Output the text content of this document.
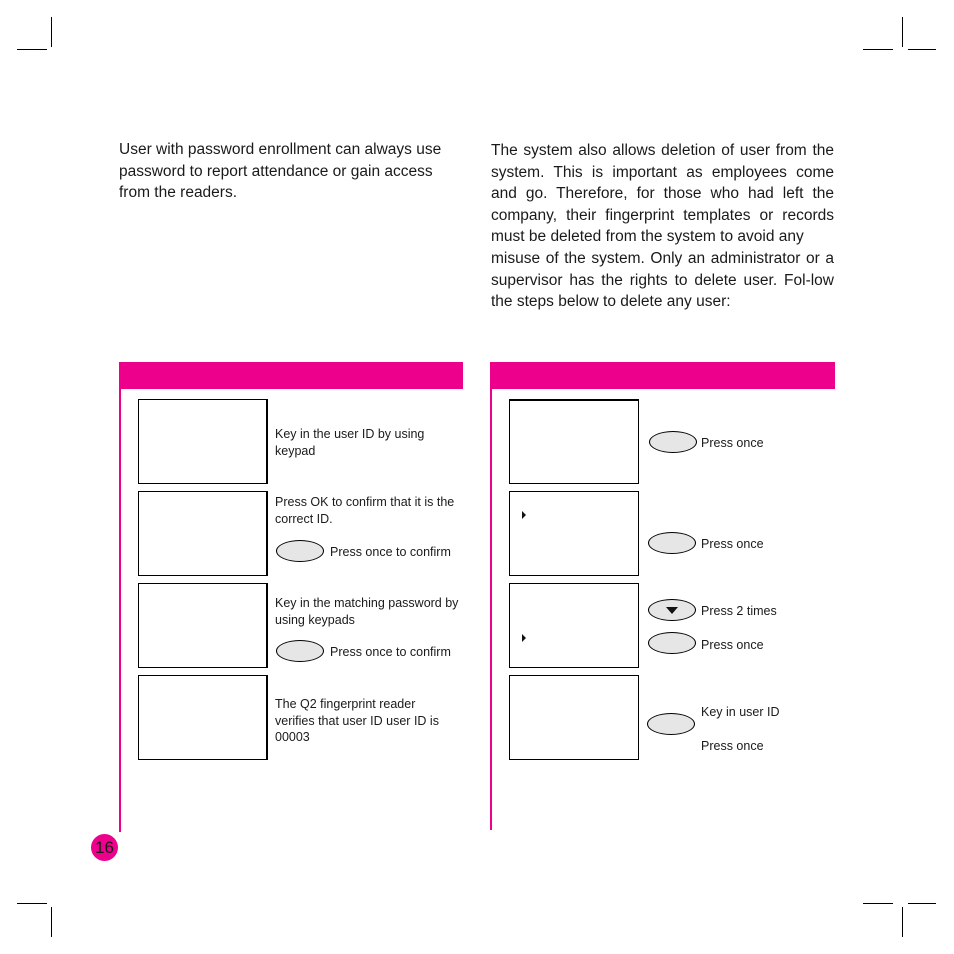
User with password enrollment can always use password to report attendance or gain access from the readers.

The system also allows deletion of user from the system. This is important as employees come and go. Therefore, for those who had left the company, their fingerprint templates or records must be deleted from the system to avoid any

misuse of the system. Only an administrator or a supervisor has the rights to delete user. Fol-low the steps below to delete any user:

Key in the user ID by using keypad
Press OK to confirm that it is the correct ID.
Press once to confirm
Key in the matching password by using keypads
Press once to confirm
The Q2 fingerprint reader verifies that user ID user ID is 00003
Press once
Press once
Press 2 times
Press once
Key in user ID
Press once
16
